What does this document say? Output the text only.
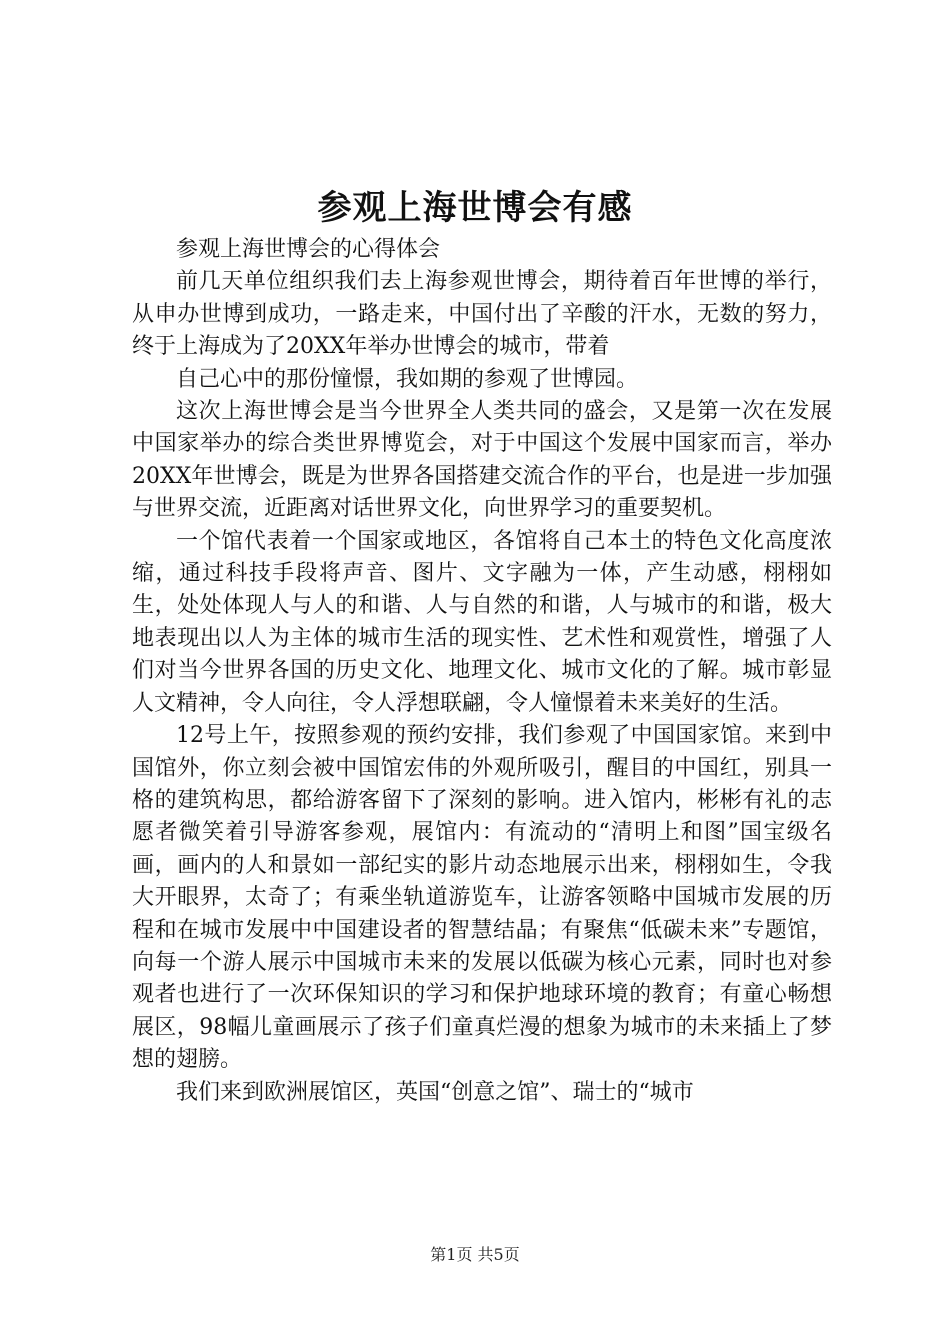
参观上海世博会有感

参观上海世博会的心得体会

前几天单位组织我们去上海参观世博会，期待着百年世博的举行，从申办世博到成功，一路走来，中国付出了辛酸的汗水，无数的努力，终于上海成为了20XX年举办世博会的城市，带着

自己心中的那份憧憬，我如期的参观了世博园。

这次上海世博会是当今世界全人类共同的盛会，又是第一次在发展中国家举办的综合类世界博览会，对于中国这个发展中国家而言，举办20XX年世博会，既是为世界各国搭建交流合作的平台，也是进一步加强与世界交流，近距离对话世界文化，向世界学习的重要契机。

一个馆代表着一个国家或地区，各馆将自己本土的特色文化高度浓缩，通过科技手段将声音、图片、文字融为一体，产生动感，栩栩如生，处处体现人与人的和谐、人与自然的和谐，人与城市的和谐，极大地表现出以人为主体的城市生活的现实性、艺术性和观赏性，增强了人们对当今世界各国的历史文化、地理文化、城市文化的了解。城市彰显人文精神，令人向往，令人浮想联翩，令人憧憬着未来美好的生活。

12号上午，按照参观的预约安排，我们参观了中国国家馆。来到中国馆外，你立刻会被中国馆宏伟的外观所吸引，醒目的中国红，别具一格的建筑构思，都给游客留下了深刻的影响。进入馆内，彬彬有礼的志愿者微笑着引导游客参观，展馆内：有流动的“清明上和图”国宝级名画，画内的人和景如一部纪实的影片动态地展示出来，栩栩如生，令我大开眼界，太奇了；有乘坐轨道游览车，让游客领略中国城市发展的历程和在城市发展中中国建设者的智慧结晶；有聚焦“低碳未来”专题馆，向每一个游人展示中国城市未来的发展以低碳为核心元素，同时也对参观者也进行了一次环保知识的学习和保护地球环境的教育；有童心畅想展区，98幅儿童画展示了孩子们童真烂漫的想象为城市的未来插上了梦想的翅膀。

我们来到欧洲展馆区，英国“创意之馆”、瑞士的“城市

第1页 共5页
